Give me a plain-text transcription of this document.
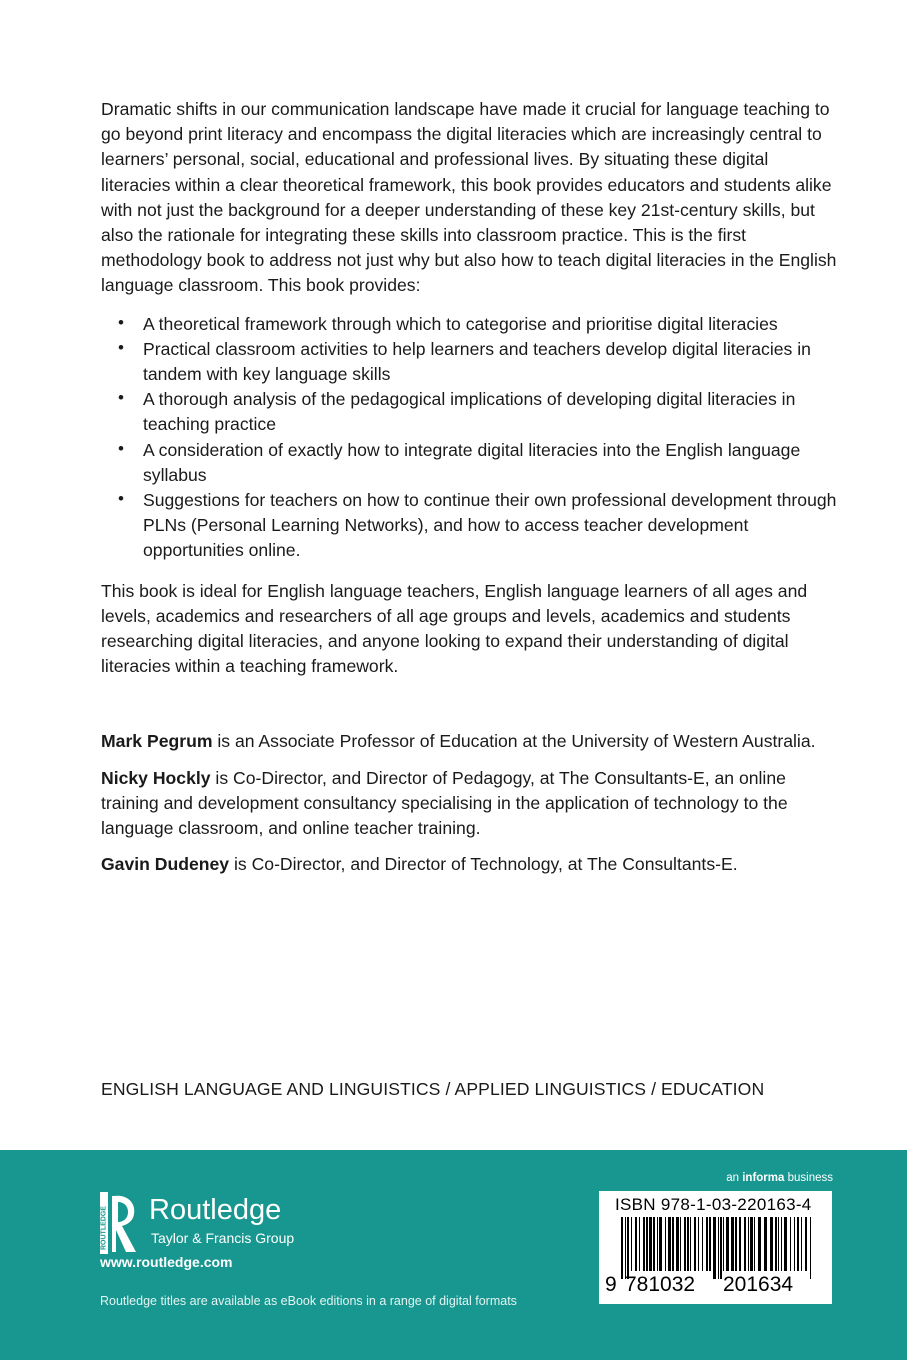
Dramatic shifts in our communication landscape have made it crucial for language teaching to go beyond print literacy and encompass the digital literacies which are increasingly central to learners’ personal, social, educational and professional lives. By situating these digital literacies within a clear theoretical framework, this book provides educators and students alike with not just the background for a deeper understanding of these key 21st-century skills, but also the rationale for integrating these skills into classroom practice. This is the first methodology book to address not just why but also how to teach digital literacies in the English language classroom. This book provides:

• A theoretical framework through which to categorise and prioritise digital literacies
• Practical classroom activities to help learners and teachers develop digital literacies in tandem with key language skills
• A thorough analysis of the pedagogical implications of developing digital literacies in teaching practice
• A consideration of exactly how to integrate digital literacies into the English language syllabus
• Suggestions for teachers on how to continue their own professional development through PLNs (Personal Learning Networks), and how to access teacher development opportunities online.

This book is ideal for English language teachers, English language learners of all ages and levels, academics and researchers of all age groups and levels, academics and students researching digital literacies, and anyone looking to expand their understanding of digital literacies within a teaching framework.

Mark Pegrum is an Associate Professor of Education at the University of Western Australia.

Nicky Hockly is Co-Director, and Director of Pedagogy, at The Consultants-E, an online training and development consultancy specialising in the application of technology to the language classroom, and online teacher training.

Gavin Dudeney is Co-Director, and Director of Technology, at The Consultants-E.

ENGLISH LANGUAGE AND LINGUISTICS / APPLIED LINGUISTICS / EDUCATION
an informa business
ROUTLEDGE Routledge
Taylor & Francis Group
www.routledge.com
Routledge titles are available as eBook editions in a range of digital formats
ISBN 978-1-03-220163-4
9 781032 201634
